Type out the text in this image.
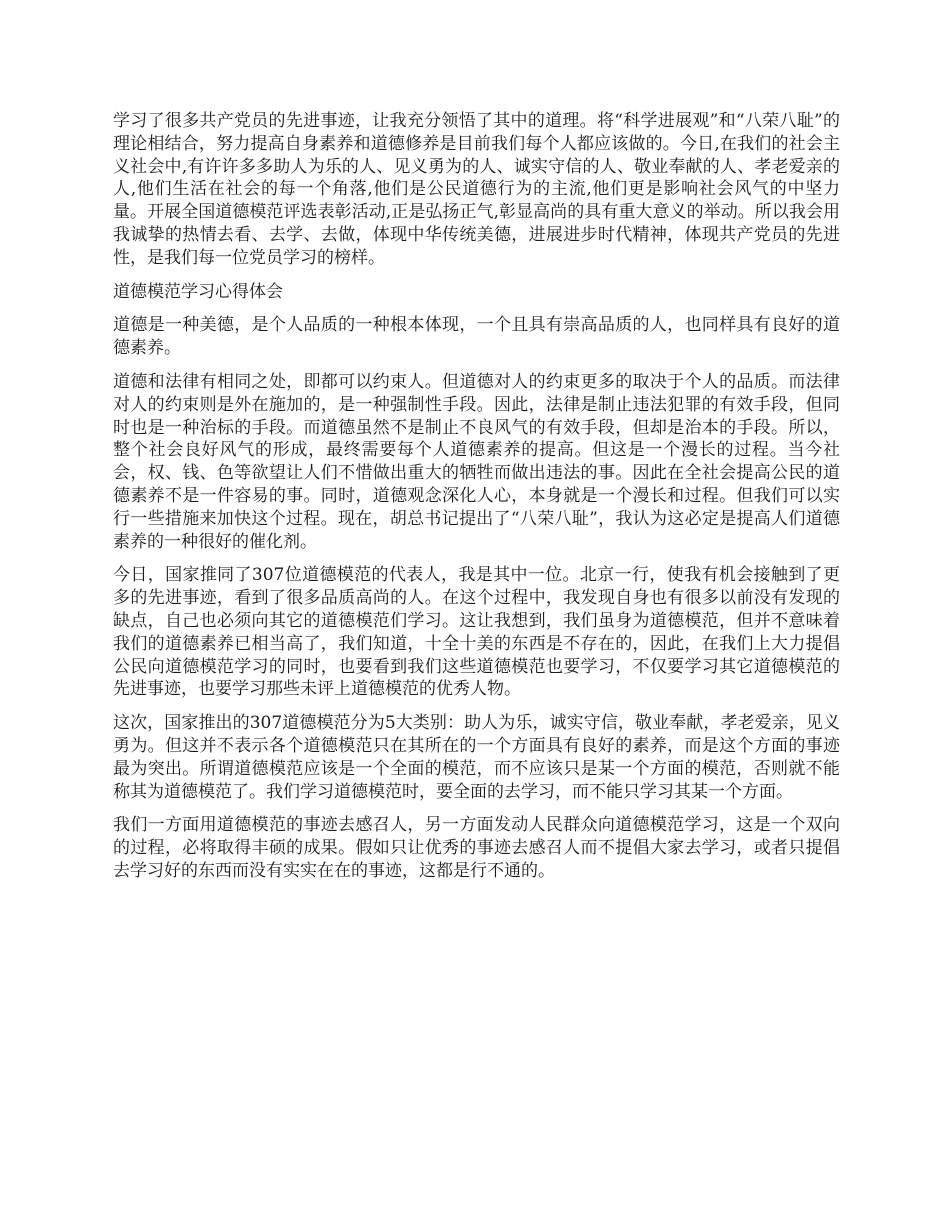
学习了很多共产党员的先进事迹，让我充分领悟了其中的道理。将“科学进展观”和“八荣八耻”的理论相结合，努力提高自身素养和道德修养是目前我们每个人都应该做的。今日,在我们的社会主义社会中,有许许多多助人为乐的人、见义勇为的人、诚实守信的人、敬业奉献的人、孝老爱亲的人,他们生活在社会的每一个角落,他们是公民道德行为的主流,他们更是影响社会风气的中坚力量。开展全国道德模范评选表彰活动,正是弘扬正气,彰显高尚的具有重大意义的举动。所以我会用我诚挚的热情去看、去学、去做，体现中华传统美德，进展进步时代精神，体现共产党员的先进性，是我们每一位党员学习的榜样。

道德模范学习心得体会

道德是一种美德，是个人品质的一种根本体现，一个且具有崇高品质的人，也同样具有良好的道德素养。

道德和法律有相同之处，即都可以约束人。但道德对人的约束更多的取决于个人的品质。而法律对人的约束则是外在施加的，是一种强制性手段。因此，法律是制止违法犯罪的有效手段，但同时也是一种治标的手段。而道德虽然不是制止不良风气的有效手段，但却是治本的手段。所以，整个社会良好风气的形成，最终需要每个人道德素养的提高。但这是一个漫长的过程。当今社会，权、钱、色等欲望让人们不惜做出重大的牺牲而做出违法的事。因此在全社会提高公民的道德素养不是一件容易的事。同时，道德观念深化人心，本身就是一个漫长和过程。但我们可以实行一些措施来加快这个过程。现在，胡总书记提出了“八荣八耻”，我认为这必定是提高人们道德素养的一种很好的催化剂。

今日，国家推同了307位道德模范的代表人，我是其中一位。北京一行，使我有机会接触到了更多的先进事迹，看到了很多品质高尚的人。在这个过程中，我发现自身也有很多以前没有发现的缺点，自己也必须向其它的道德模范们学习。这让我想到，我们虽身为道德模范，但并不意味着我们的道德素养已相当高了，我们知道，十全十美的东西是不存在的，因此，在我们上大力提倡公民向道德模范学习的同时，也要看到我们这些道德模范也要学习，不仅要学习其它道德模范的先进事迹，也要学习那些未评上道德模范的优秀人物。

这次，国家推出的307道德模范分为5大类别：助人为乐，诚实守信，敬业奉献，孝老爱亲，见义勇为。但这并不表示各个道德模范只在其所在的一个方面具有良好的素养，而是这个方面的事迹最为突出。所谓道德模范应该是一个全面的模范，而不应该只是某一个方面的模范，否则就不能称其为道德模范了。我们学习道德模范时，要全面的去学习，而不能只学习其某一个方面。

我们一方面用道德模范的事迹去感召人，另一方面发动人民群众向道德模范学习，这是一个双向的过程，必将取得丰硕的成果。假如只让优秀的事迹去感召人而不提倡大家去学习，或者只提倡去学习好的东西而没有实实在在的事迹，这都是行不通的。
